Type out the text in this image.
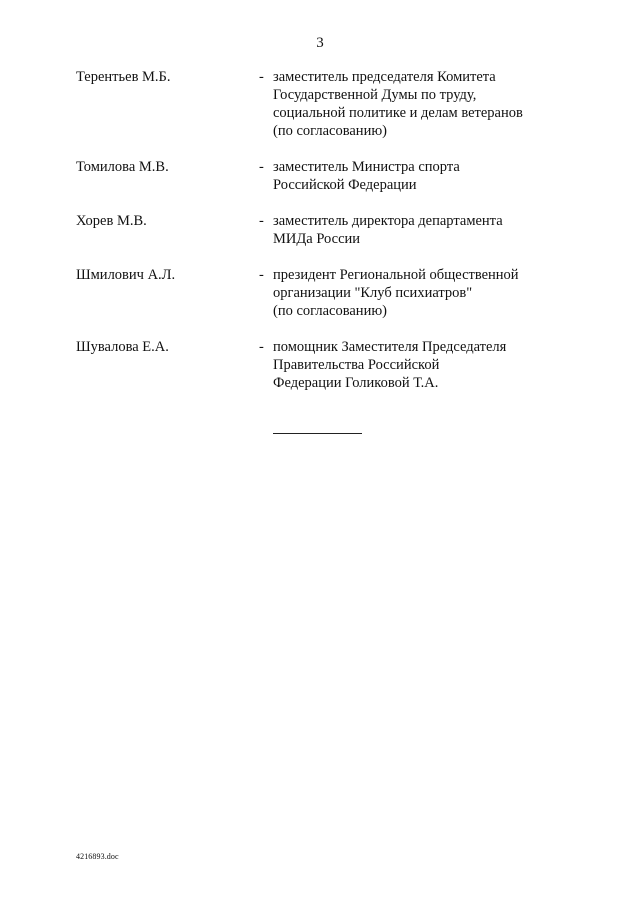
3
Терентьев М.Б.	- заместитель председателя Комитета
Государственной Думы по труду,
социальной политике и делам ветеранов
(по согласованию)
Томилова М.В.	- заместитель Министра спорта
Российской Федерации
Хорев М.В.	- заместитель директора департамента
МИДа России
Шмилович А.Л.	- президент Региональной общественной
организации "Клуб психиатров"
(по согласованию)
Шувалова Е.А.	- помощник Заместителя Председателя
Правительства Российской
Федерации Голиковой Т.А.
4216893.doc
